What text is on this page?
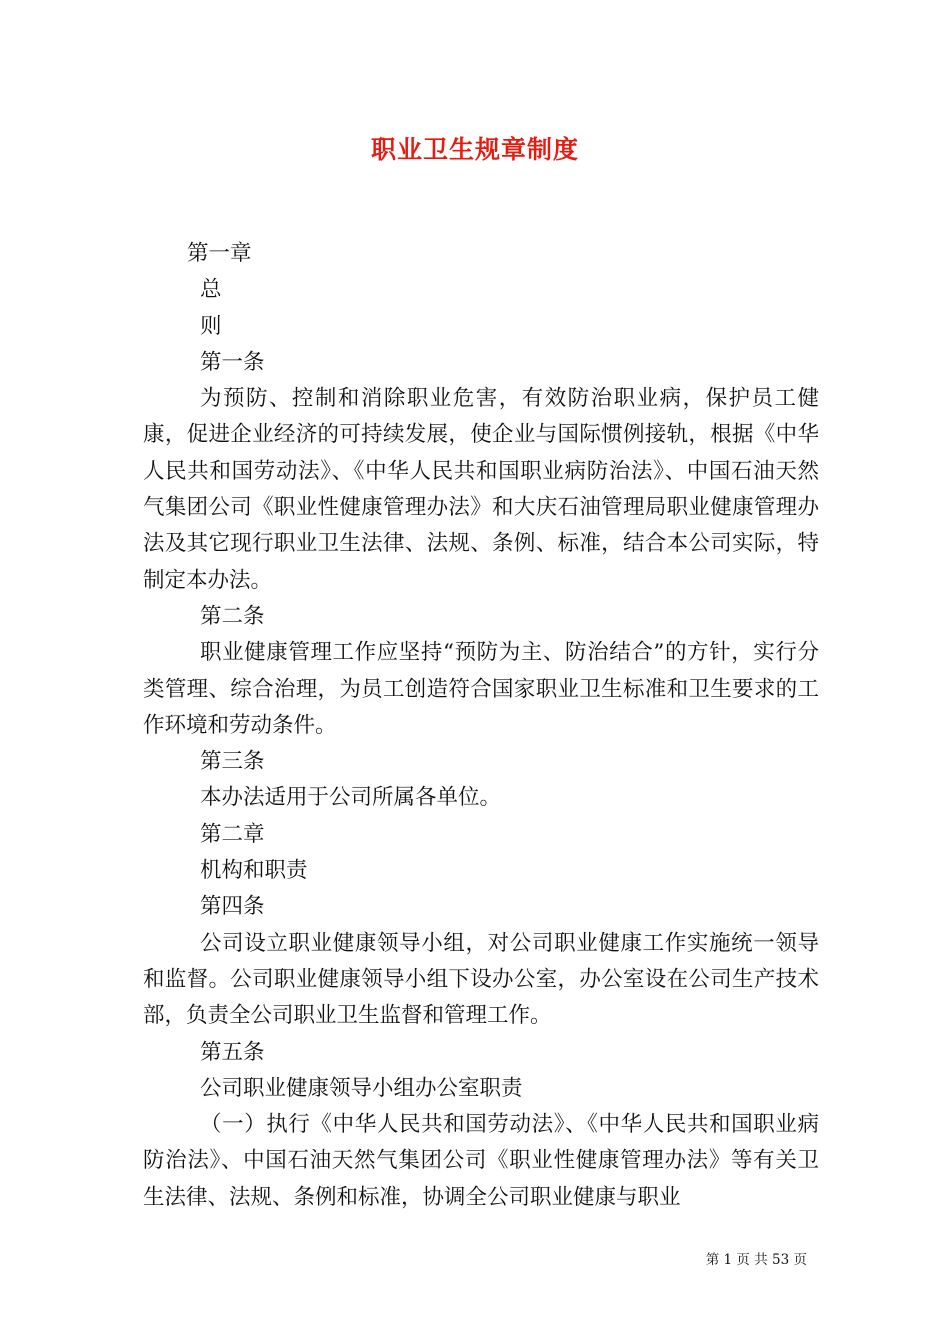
职业卫生规章制度
第一章
总
则
第一条
为预防、控制和消除职业危害，有效防治职业病，保护员工健康，促进企业经济的可持续发展，使企业与国际惯例接轨，根据《中华人民共和国劳动法》、《中华人民共和国职业病防治法》、中国石油天然气集团公司《职业性健康管理办法》和大庆石油管理局职业健康管理办法及其它现行职业卫生法律、法规、条例、标准，结合本公司实际，特制定本办法。
第二条
职业健康管理工作应坚持“预防为主、防治结合”的方针，实行分类管理、综合治理，为员工创造符合国家职业卫生标准和卫生要求的工作环境和劳动条件。
第三条
本办法适用于公司所属各单位。
第二章
机构和职责
第四条
公司设立职业健康领导小组，对公司职业健康工作实施统一领导和监督。公司职业健康领导小组下设办公室，办公室设在公司生产技术部，负责全公司职业卫生监督和管理工作。
第五条
公司职业健康领导小组办公室职责
（一）执行《中华人民共和国劳动法》、《中华人民共和国职业病防治法》、中国石油天然气集团公司《职业性健康管理办法》等有关卫生法律、法规、条例和标准，协调全公司职业健康与职业
第 1 页 共 53 页
